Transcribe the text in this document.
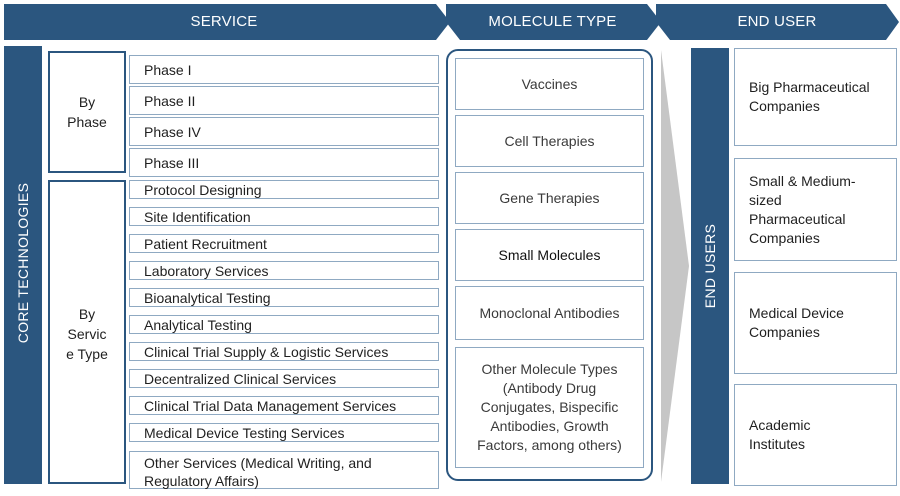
SERVICE	MOLECULE TYPE	END USER
CORE TECHNOLOGIES
By
Phase
By
Servic
e Type
Phase I
Phase II
Phase IV
Phase III
Protocol Designing
Site Identification
Patient Recruitment
Laboratory Services
Bioanalytical Testing
Analytical Testing
Clinical Trial Supply & Logistic Services
Decentralized Clinical Services
Clinical Trial Data Management Services
Medical Device Testing Services
Other Services (Medical Writing, and
Regulatory Affairs)
Vaccines
Cell Therapies
Gene Therapies
Small Molecules
Monoclonal Antibodies
Other Molecule Types
(Antibody Drug
Conjugates, Bispecific
Antibodies, Growth
Factors, among others)
END USERS
Big Pharmaceutical
Companies
Small & Medium-
sized
Pharmaceutical
Companies
Medical Device
Companies
Academic
Institutes
